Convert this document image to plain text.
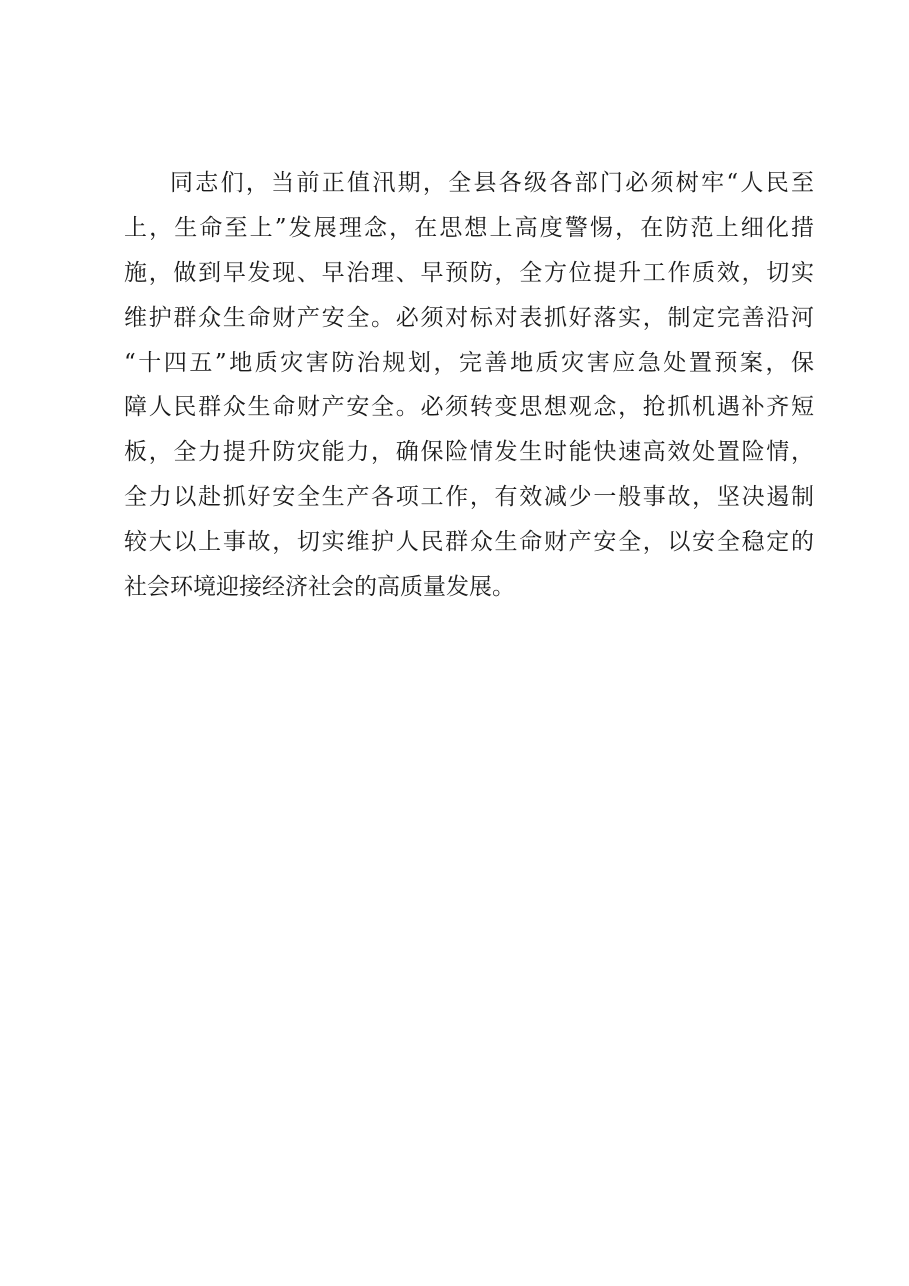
同志们，当前正值汛期，全县各级各部门必须树牢“人民至
上，生命至上”发展理念，在思想上高度警惕，在防范上细化措
施，做到早发现、早治理、早预防，全方位提升工作质效，切实
维护群众生命财产安全。必须对标对表抓好落实，制定完善沿河
“十四五”地质灾害防治规划，完善地质灾害应急处置预案，保
障人民群众生命财产安全。必须转变思想观念，抢抓机遇补齐短
板，全力提升防灾能力，确保险情发生时能快速高效处置险情，
全力以赴抓好安全生产各项工作，有效减少一般事故，坚决遏制
较大以上事故，切实维护人民群众生命财产安全，以安全稳定的
社会环境迎接经济社会的高质量发展。
